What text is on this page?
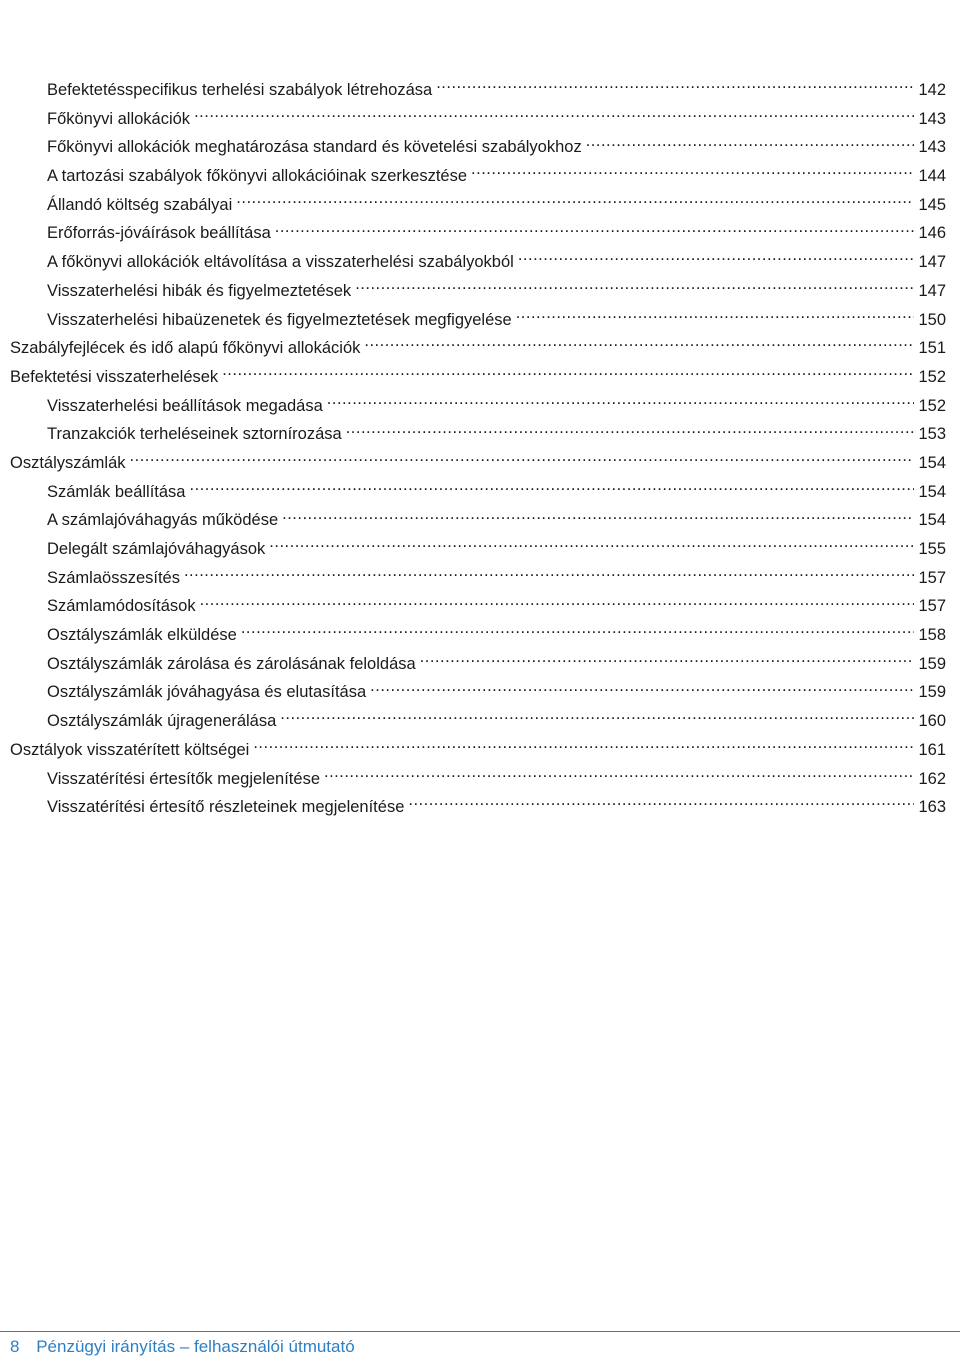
Befektetésspecifikus terhelési szabályok létrehozása .....	142
Főkönyvi allokációk .....	143
Főkönyvi allokációk meghatározása standard és követelési szabályokhoz .....	143
A tartozási szabályok főkönyvi allokációinak szerkesztése .....	144
Állandó költség szabályai .....	145
Erőforrás-jóváírások beállítása .....	146
A főkönyvi allokációk eltávolítása a visszaterhelési szabályokból .....	147
Visszaterhelési hibák és figyelmeztetések .....	147
Visszaterhelési hibaüzenetek és figyelmeztetések megfigyelése .....	150
Szabályfejlécek és idő alapú főkönyvi allokációk .....	151
Befektetési visszaterhelések .....	152
Visszaterhelési beállítások megadása .....	152
Tranzakciók terheléseinek sztornírozása .....	153
Osztályszámlák .....	154
Számlák beállítása .....	154
A számlajóváhagyás működése .....	154
Delegált számlajóváhagyások .....	155
Számlaösszesítés .....	157
Számlamódosítások .....	157
Osztályszámlák elküldése .....	158
Osztályszámlák zárolása és zárolásának feloldása .....	159
Osztályszámlák jóváhagyása és elutasítása .....	159
Osztályszámlák újragenerálása .....	160
Osztályok visszatérített költségei .....	161
Visszatérítési értesítők megjelenítése .....	162
Visszatérítési értesítő részleteinek megjelenítése .....	163
8 Pénzügyi irányítás – felhasználói útmutató
